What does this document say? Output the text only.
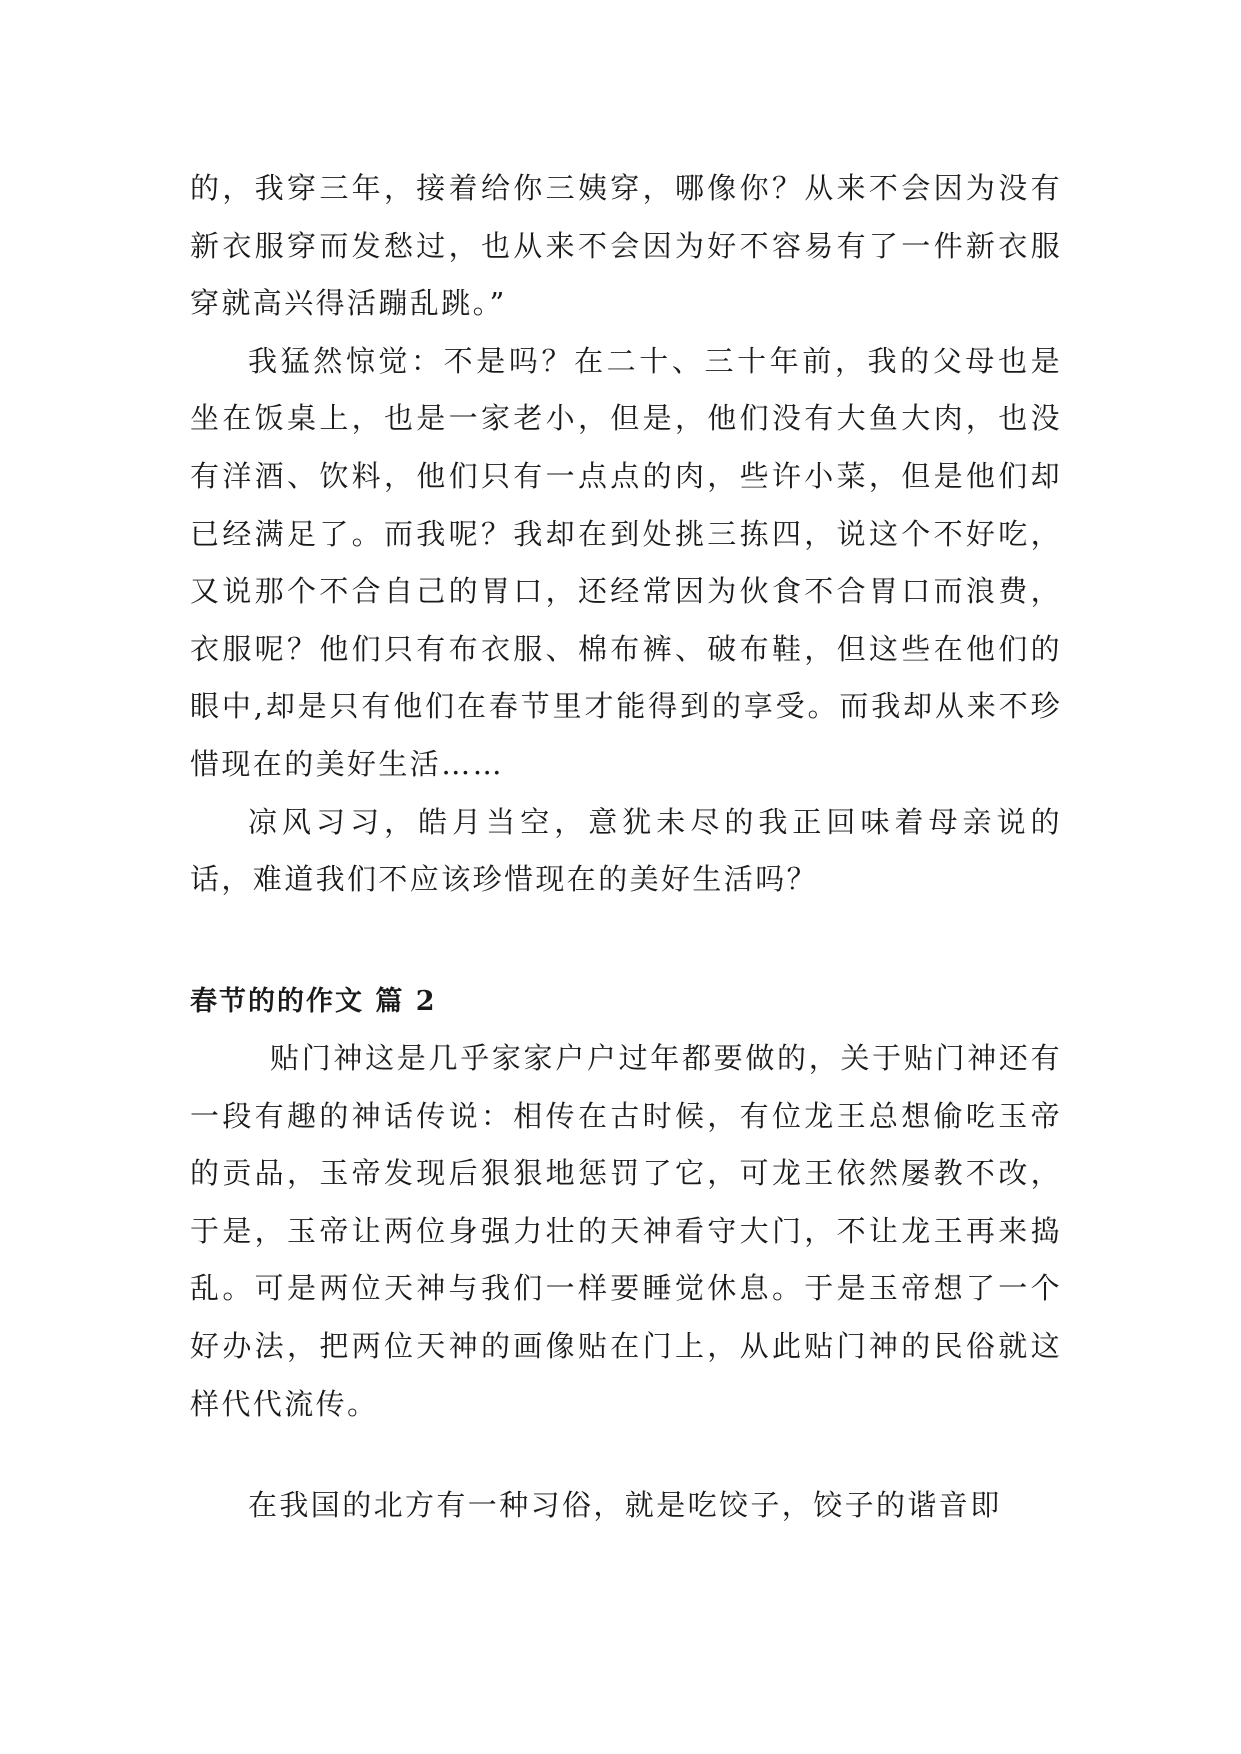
的，我穿三年，接着给你三姨穿，哪像你？从来不会因为没有新衣服穿而发愁过，也从来不会因为好不容易有了一件新衣服穿就高兴得活蹦乱跳。”

我猛然惊觉：不是吗？在二十、三十年前，我的父母也是坐在饭桌上，也是一家老小，但是，他们没有大鱼大肉，也没有洋酒、饮料，他们只有一点点的肉，些许小菜，但是他们却已经满足了。而我呢？我却在到处挑三拣四，说这个不好吃，又说那个不合自己的胃口，还经常因为伙食不合胃口而浪费，衣服呢？他们只有布衣服、棉布裤、破布鞋，但这些在他们的眼中,却是只有他们在春节里才能得到的享受。而我却从来不珍惜现在的美好生活……

凉风习习，皓月当空，意犹未尽的我正回味着母亲说的话，难道我们不应该珍惜现在的美好生活吗？

春节的的作文 篇 2

贴门神这是几乎家家户户过年都要做的，关于贴门神还有一段有趣的神话传说：相传在古时候，有位龙王总想偷吃玉帝的贡品，玉帝发现后狠狠地惩罚了它，可龙王依然屡教不改，于是，玉帝让两位身强力壮的天神看守大门，不让龙王再来捣乱。可是两位天神与我们一样要睡觉休息。于是玉帝想了一个好办法，把两位天神的画像贴在门上，从此贴门神的民俗就这样代代流传。

在我国的北方有一种习俗，就是吃饺子，饺子的谐音即
